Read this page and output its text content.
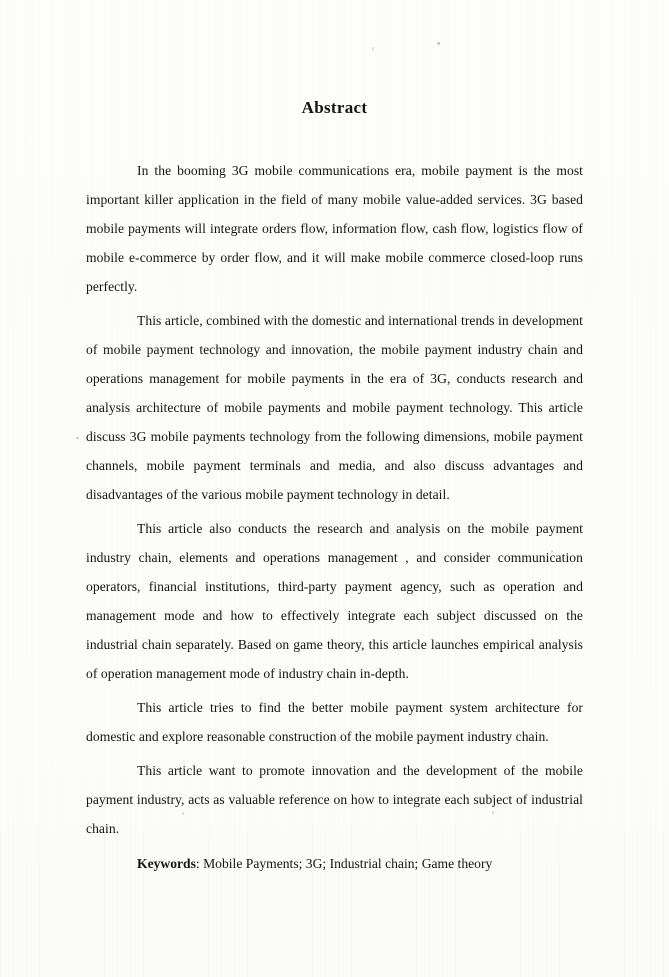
Abstract

In the booming 3G mobile communications era, mobile payment is the most important killer application in the field of many mobile value-added services. 3G based mobile payments will integrate orders flow, information flow, cash flow, logistics flow of mobile e-commerce by order flow, and it will make mobile commerce closed-loop runs perfectly.

This article, combined with the domestic and international trends in development of mobile payment technology and innovation, the mobile payment industry chain and operations management for mobile payments in the era of 3G, conducts research and analysis architecture of mobile payments and mobile payment technology. This article discuss 3G mobile payments technology from the following dimensions, mobile payment channels, mobile payment terminals and media, and also discuss advantages and disadvantages of the various mobile payment technology in detail.

This article also conducts the research and analysis on the mobile payment industry chain, elements and operations management , and consider communication operators, financial institutions, third-party payment agency, such as operation and management mode and how to effectively integrate each subject discussed on the industrial chain separately. Based on game theory, this article launches empirical analysis of operation management mode of industry chain in-depth.

This article tries to find the better mobile payment system architecture for domestic and explore reasonable construction of the mobile payment industry chain.

This article want to promote innovation and the development of the mobile payment industry, acts as valuable reference on how to integrate each subject of industrial chain.

Keywords: Mobile Payments; 3G; Industrial chain; Game theory
